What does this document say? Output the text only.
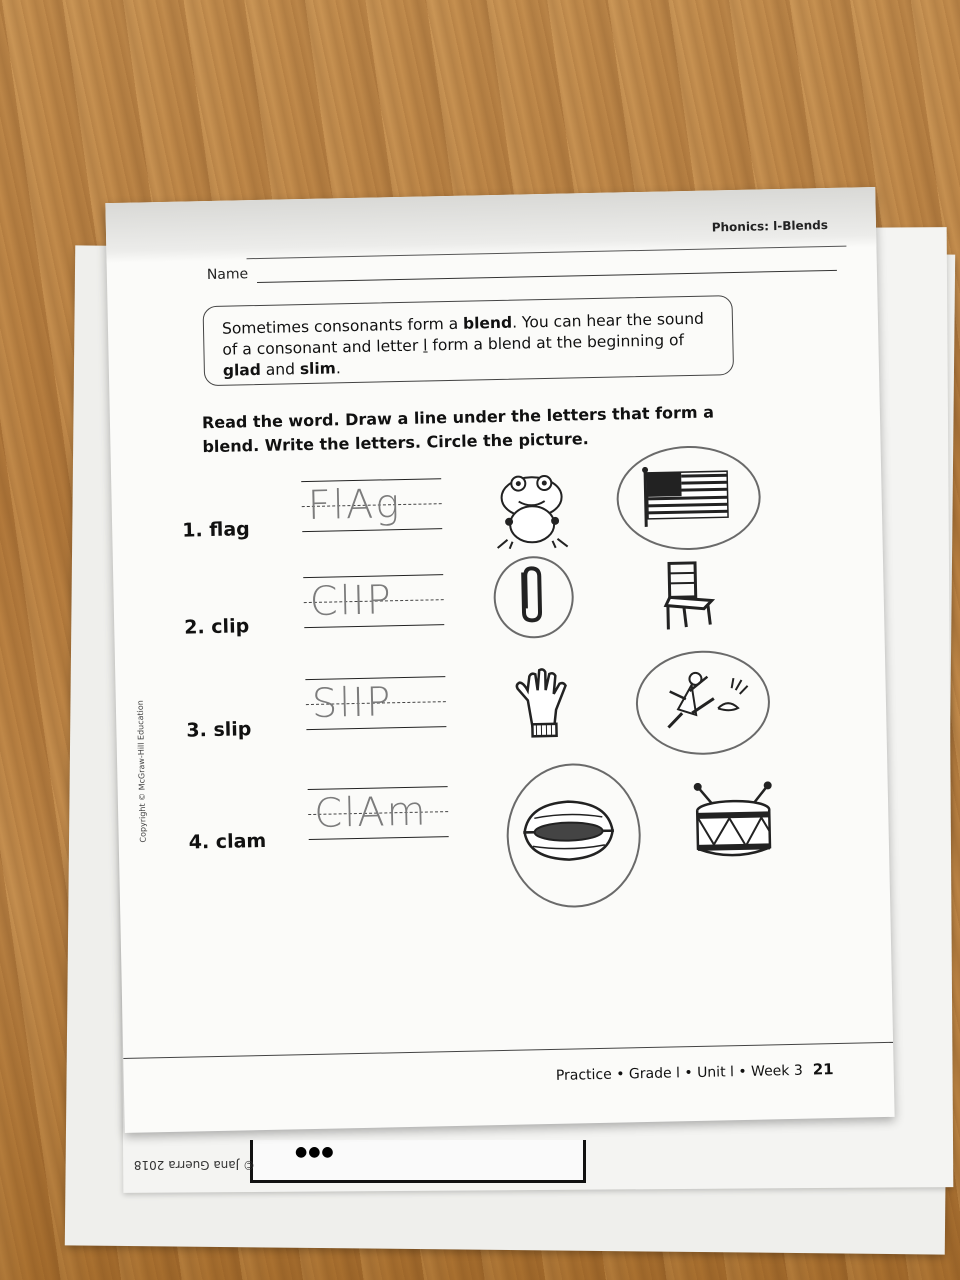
●●●
© Jana Guerra 2018
Phonics: l-Blends
Name
Sometimes consonants form a blend. You can hear the sound of a consonant and letter l form a blend at the beginning of glad and slim.
Read the word. Draw a line under the letters that form a blend. Write the letters. Circle the picture.
1. flag
FlAg
2. clip
ClIP
3. slip
SlIP
4. clam
ClAm
Practice • Grade l • Unit l • Week 3 21
Copyright © McGraw-Hill Education
